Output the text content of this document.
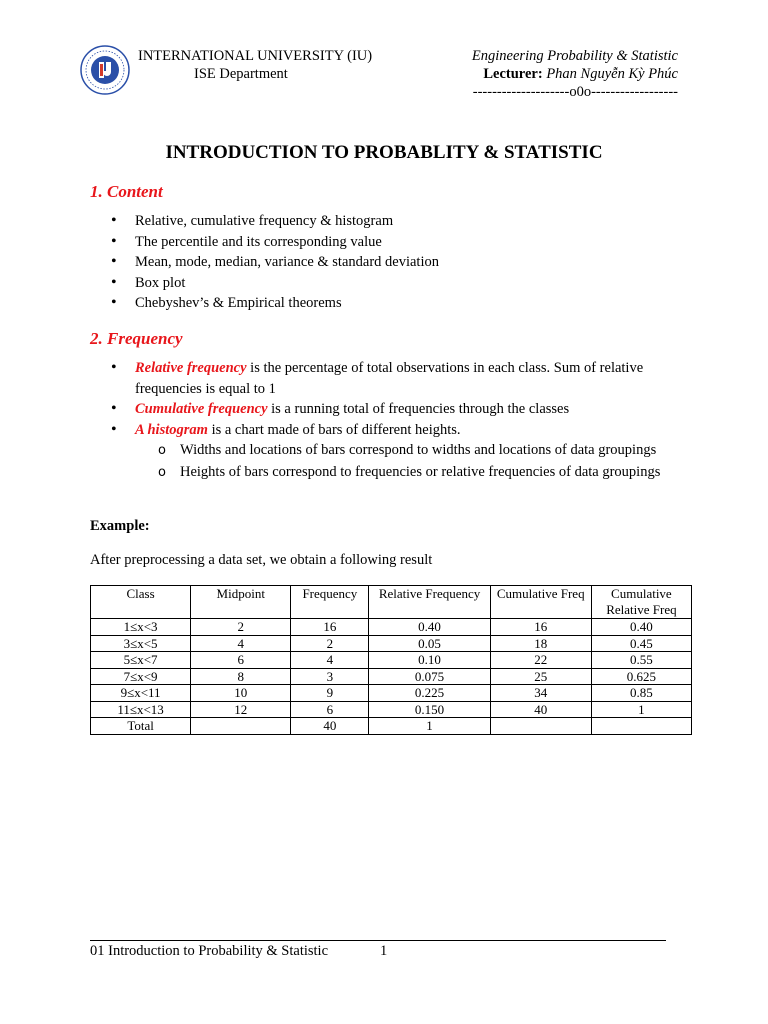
INTERNATIONAL UNIVERSITY (IU)
ISE Department
Engineering Probability & Statistic
Lecturer: Phan Nguyễn Kỳ Phúc
--------------------o0o------------------
INTRODUCTION TO PROBABLITY & STATISTIC
1. Content
• Relative, cumulative frequency & histogram
• The percentile and its corresponding value
• Mean, mode, median, variance & standard deviation
• Box plot
• Chebyshev’s & Empirical theorems
2. Frequency
• Relative frequency is the percentage of total observations in each class. Sum of relative frequencies is equal to 1
• Cumulative frequency is a running total of frequencies through the classes
• A histogram is a chart made of bars of different heights.
o Widths and locations of bars correspond to widths and locations of data groupings
o Heights of bars correspond to frequencies or relative frequencies of data groupings
Example:
After preprocessing a data set, we obtain a following result
Class	Midpoint	Frequency	Relative Frequency	Cumulative Freq	Cumulative Relative Freq
1≤x<3	2	16	0.40	16	0.40
3≤x<5	4	2	0.05	18	0.45
5≤x<7	6	4	0.10	22	0.55
7≤x<9	8	3	0.075	25	0.625
9≤x<11	10	9	0.225	34	0.85
11≤x<13	12	6	0.150	40	1
Total		40	1		
01 Introduction to Probability & Statistic	1
